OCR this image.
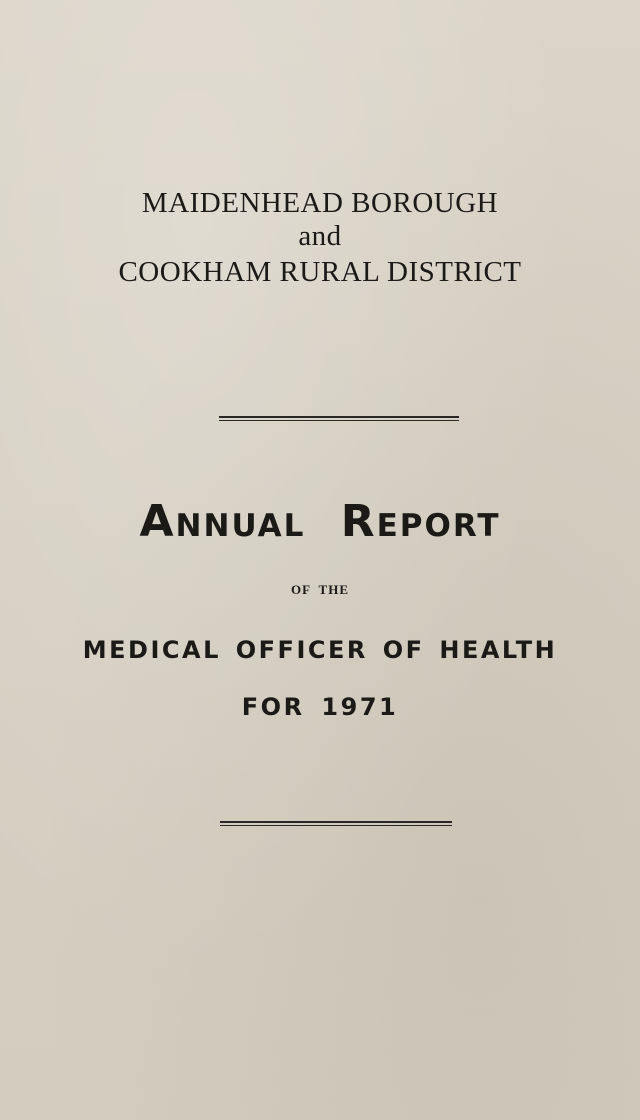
MAIDENHEAD BOROUGH
and
COOKHAM RURAL DISTRICT
Annual Report
OF THE
MEDICAL OFFICER OF HEALTH
FOR 1971
